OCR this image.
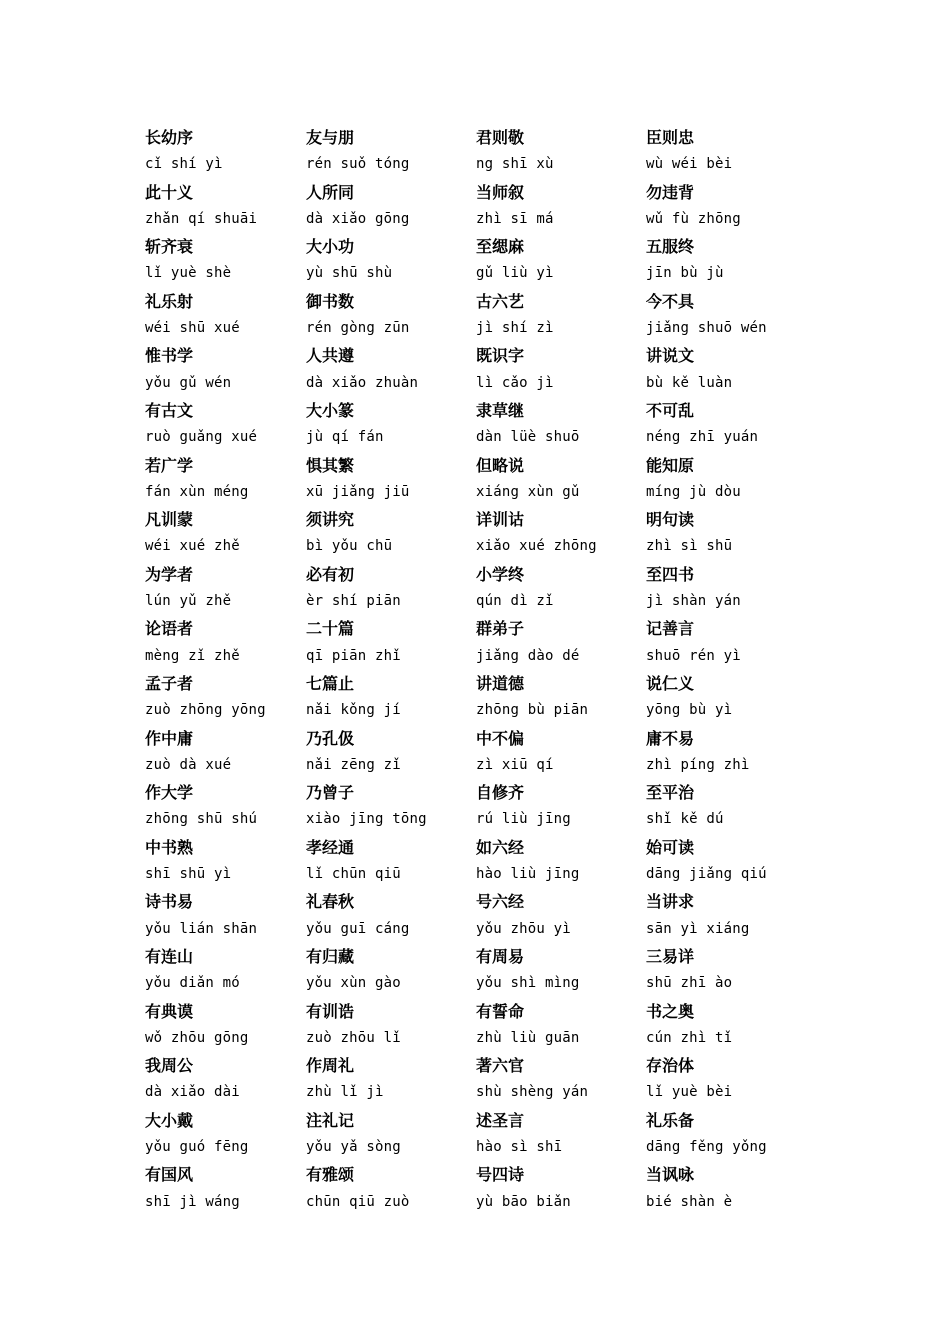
长幼序	友与朋	君则敬	臣则忠
cǐ shí yì	rén suǒ tóng	ng shī xù	wù wéi bèi
此十义	人所同	当师叙	勿违背
zhǎn qí shuāi	dà xiǎo gōng	zhì sī má	wǔ fù zhōng
斩齐衰	大小功	至缌麻	五服终
lǐ yuè shè	yù shū shù	gǔ liù yì	jīn bù jù
礼乐射	御书数	古六艺	今不具
wéi shū xué	rén gòng zūn	jì shí zì	jiǎng shuō wén
惟书学	人共遵	既识字	讲说文
yǒu gǔ wén	dà xiǎo zhuàn	lì cǎo jì	bù kě luàn
有古文	大小篆	隶草继	不可乱
ruò guǎng xué	jù qí fán	dàn lüè shuō	néng zhī yuán
若广学	惧其繁	但略说	能知原
fán xùn méng	xū jiǎng jiū	xiáng xùn gǔ	míng jù dòu
凡训蒙	须讲究	详训诂	明句读
wéi xué zhě	bì yǒu chū	xiǎo xué zhōng	zhì sì shū
为学者	必有初	小学终	至四书
lún yǔ zhě	èr shí piān	qún dì zǐ	jì shàn yán
论语者	二十篇	群弟子	记善言
mèng zǐ zhě	qī piān zhǐ	jiǎng dào dé	shuō rén yì
孟子者	七篇止	讲道德	说仁义
zuò zhōng yōng	nǎi kǒng jí	zhōng bù piān	yōng bù yì
作中庸	乃孔伋	中不偏	庸不易
zuò dà xué	nǎi zēng zǐ	zì xiū qí	zhì píng zhì
作大学	乃曾子	自修齐	至平治
zhōng shū shú	xiào jīng tōng	rú liù jīng	shǐ kě dú
中书熟	孝经通	如六经	始可读
shī shū yì	lǐ chūn qiū	hào liù jīng	dāng jiǎng qiú
诗书易	礼春秋	号六经	当讲求
yǒu lián shān	yǒu guī cáng	yǒu zhōu yì	sān yì xiáng
有连山	有归藏	有周易	三易详
yǒu diǎn mó	yǒu xùn gào	yǒu shì mìng	shū zhī ào
有典谟	有训诰	有誓命	书之奥
wǒ zhōu gōng	zuò zhōu lǐ	zhù liù guān	cún zhì tǐ
我周公	作周礼	著六官	存治体
dà xiǎo dài	zhù lǐ jì	shù shèng yán	lǐ yuè bèi
大小戴	注礼记	述圣言	礼乐备
yǒu guó fēng	yǒu yǎ sòng	hào sì shī	dāng fěng yǒng
有国风	有雅颂	号四诗	当讽咏
shī jì wáng	chūn qiū zuò	yù bāo biǎn	bié shàn è
